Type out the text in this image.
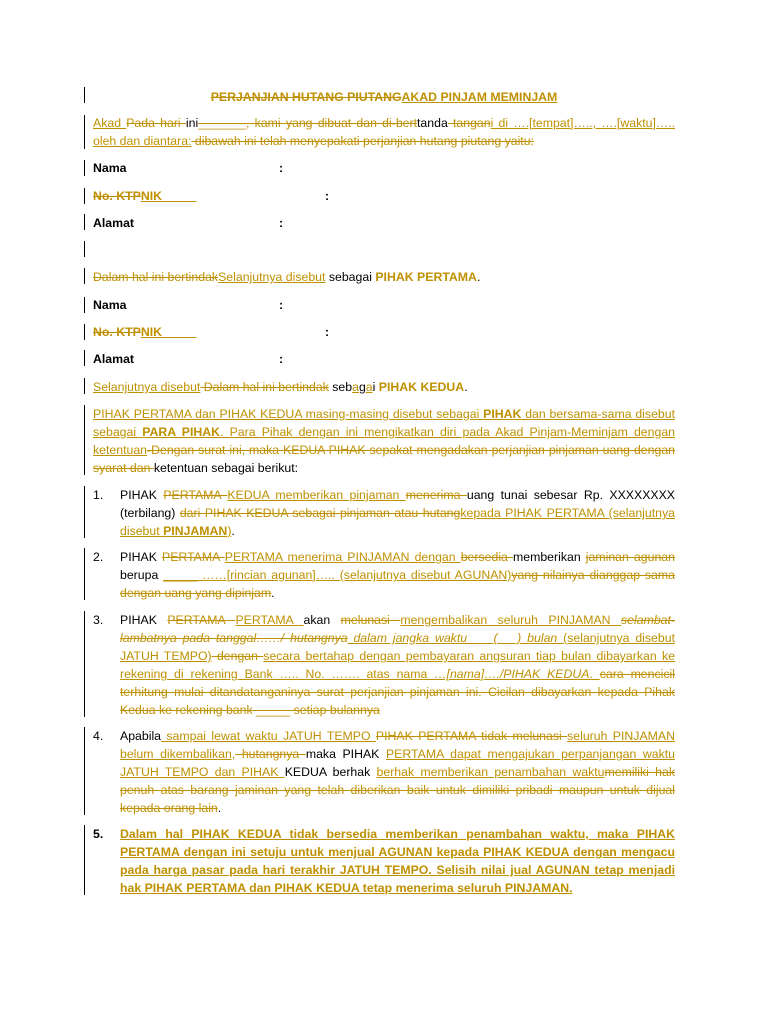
PERJANJIAN HUTANG PIUTANGAKAD PINJAM MEMINJAM
Akad Pada hari ini_______, kami yang dibuat dan di-berttanda tangani di ….[tempat]….., ….[waktu]….. oleh dan diantara: dibawah ini telah menyepakati perjanjian hutang piutang yaitu:
Nama	:
No. KTPNIK_____	:
Alamat	:
Dalam hal ini bertindakSelanjutnya disebut sebagai PIHAK PERTAMA.
Nama	:
No. KTPNIK_____	:
Alamat	:
Selanjutnya disebut Dalam hal ini bertindak sebagai PIHAK KEDUA.
PIHAK PERTAMA dan PIHAK KEDUA masing-masing disebut sebagai PIHAK dan bersama-sama disebut sebagai PARA PIHAK. Para Pihak dengan ini mengikatkan diri pada Akad Pinjam-Meminjam dengan ketentuan-Dengan surat ini, maka KEDUA PIHAK sepakat mengadakan perjanjian pinjaman uang dengan syarat dan ketentuan sebagai berikut:
1. PIHAK PERTAMA KEDUA memberikan pinjaman menerima uang tunai sebesar Rp. XXXXXXXX (terbilang) dari PIHAK KEDUA sebagai pinjaman atau hutangkepada PIHAK PERTAMA (selanjutnya disebut PINJAMAN).
2. PIHAK PERTAMA PERTAMA menerima PINJAMAN dengan bersedia memberikan jaminan agunan berupa _____ ……[rincian agunan]….. (selanjutnya disebut AGUNAN)yang nilainya dianggap sama dengan uang yang dipinjam.
3. PIHAK PERTAMA PERTAMA akan melunasi mengembalikan seluruh PINJAMAN selambat-lambatnya pada tanggal……/ hutangnya dalam jangka waktu ___( __) bulan (selanjutnya disebut JATUH TEMPO) dengan secara bertahap dengan pembayaran angsuran tiap bulan dibayarkan ke rekening di rekening Bank ….. No. ……. atas nama …[nama]…./PIHAK KEDUA. cara mencicil terhitung mulai ditandatanganinya surat perjanjian pinjaman ini. Cicilan dibayarkan kepada Pihak Kedua ke rekening bank _____ setiap bulannya
4. Apabila sampai lewat waktu JATUH TEMPO PIHAK PERTAMA tidak melunasi seluruh PINJAMAN belum dikembalikan, hutangnya maka PIHAK PERTAMA dapat mengajukan perpanjangan waktu JATUH TEMPO dan PIHAK KEDUA berhak berhak memberikan penambahan waktumemiliki hak penuh atas barang jaminan yang telah diberikan baik untuk dimiliki pribadi maupun untuk dijual kepada orang lain.
5. Dalam hal PIHAK KEDUA tidak bersedia memberikan penambahan waktu, maka PIHAK PERTAMA dengan ini setuju untuk menjual AGUNAN kepada PIHAK KEDUA dengan mengacu pada harga pasar pada hari terakhir JATUH TEMPO. Selisih nilai jual AGUNAN tetap menjadi hak PIHAK PERTAMA dan PIHAK KEDUA tetap menerima seluruh PINJAMAN.
